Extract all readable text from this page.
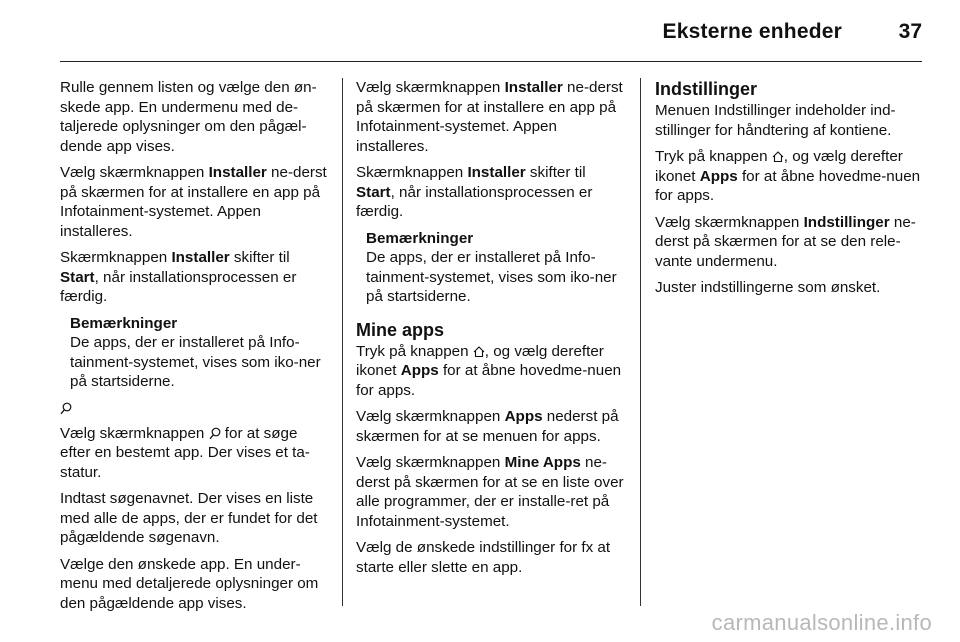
Eksterne enheder	37

Rulle gennem listen og vælge den øn-skede app. En undermenu med de-taljerede oplysninger om den pågæl-dende app vises.

Vælg skærmknappen Installer ne-derst på skærmen for at installere en app på Infotainment-systemet. Appen installeres.

Skærmknappen Installer skifter til Start, når installationsprocessen er færdig.

Bemærkninger
De apps, der er installeret på Info-tainment-systemet, vises som iko-ner på startsiderne.

Vælg skærmknappen  for at søge efter en bestemt app. Der vises et ta-statur.

Indtast søgenavnet. Der vises en liste med alle de apps, der er fundet for det pågældende søgenavn.

Vælge den ønskede app. En under-menu med detaljerede oplysninger om den pågældende app vises.

Vælg skærmknappen Installer ne-derst på skærmen for at installere en app på Infotainment-systemet. Appen installeres.

Skærmknappen Installer skifter til Start, når installationsprocessen er færdig.

Bemærkninger
De apps, der er installeret på Info-tainment-systemet, vises som iko-ner på startsiderne.
Mine apps

Tryk på knappen , og vælg derefter ikonet Apps for at åbne hovedme-nuen for apps.

Vælg skærmknappen Apps nederst på skærmen for at se menuen for apps.

Vælg skærmknappen Mine Apps ne-derst på skærmen for at se en liste over alle programmer, der er installe-ret på Infotainment-systemet.

Vælg de ønskede indstillinger for fx at starte eller slette en app.

Indstillinger

Menuen Indstillinger indeholder ind-stillinger for håndtering af kontiene.

Tryk på knappen , og vælg derefter ikonet Apps for at åbne hovedme-nuen for apps.

Vælg skærmknappen Indstillinger ne-derst på skærmen for at se den rele-vante undermenu.

Juster indstillingerne som ønsket.

carmanualsonline.info
